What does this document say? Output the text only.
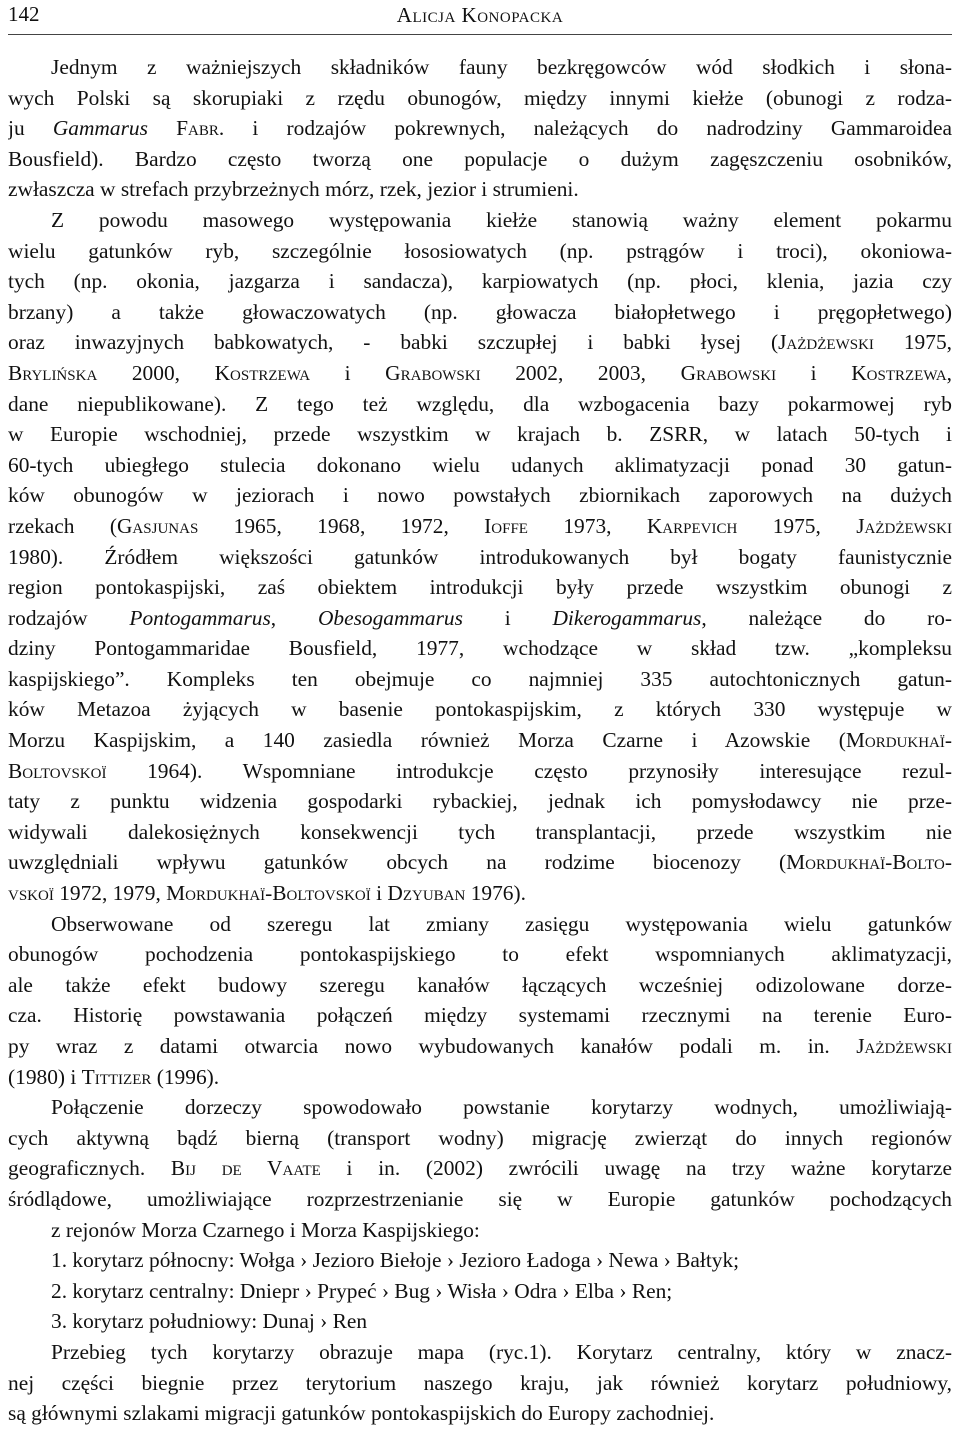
142	Alicja Konopacka
Jednym z ważniejszych składników fauny bezkręgowców wód słodkich i słona-
wych Polski są skorupiaki z rzędu obunogów, między innymi kiełże (obunogi z rodza-
ju Gammarus Fabr. i rodzajów pokrewnych, należących do nadrodziny Gammaroidea
Bousfield). Bardzo często tworzą one populacje o dużym zagęszczeniu osobników,
zwłaszcza w strefach przybrzeżnych mórz, rzek, jezior i strumieni.
Z powodu masowego występowania kiełże stanowią ważny element pokarmu
wielu gatunków ryb, szczególnie łososiowatych (np. pstrągów i troci), okoniowa-
tych (np. okonia, jazgarza i sandacza), karpiowatych (np. płoci, klenia, jazia czy
brzany) a także głowaczowatych (np. głowacza białopłetwego i pręgopłetwego)
oraz inwazyjnych babkowatych, - babki szczupłej i babki łysej (Jażdżewski 1975,
Brylińska 2000, Kostrzewa i Grabowski 2002, 2003, Grabowski i Kostrzewa,
dane niepublikowane). Z tego też względu, dla wzbogacenia bazy pokarmowej ryb
w Europie wschodniej, przede wszystkim w krajach b. ZSRR, w latach 50-tych i
60-tych ubiegłego stulecia dokonano wielu udanych aklimatyzacji ponad 30 gatun-
ków obunogów w jeziorach i nowo powstałych zbiornikach zaporowych na dużych
rzekach (Gasjunas 1965, 1968, 1972, Ioffe 1973, Karpevich 1975, Jażdżewski
1980). Źródłem większości gatunków introdukowanych był bogaty faunistycznie
region pontokaspijski, zaś obiektem introdukcji były przede wszystkim obunogi z
rodzajów Pontogammarus, Obesogammarus i Dikerogammarus, należące do ro-
dziny Pontogammaridae Bousfield, 1977, wchodzące w skład tzw. „kompleksu
kaspijskiego”. Kompleks ten obejmuje co najmniej 335 autochtonicznych gatun-
ków Metazoa żyjących w basenie pontokaspijskim, z których 330 występuje w
Morzu Kaspijskim, a 140 zasiedla również Morza Czarne i Azowskie (Mordukhaï-
Boltovskoï 1964). Wspomniane introdukcje często przynosiły interesujące rezul-
taty z punktu widzenia gospodarki rybackiej, jednak ich pomysłodawcy nie prze-
widywali dalekosiężnych konsekwencji tych transplantacji, przede wszystkim nie
uwzględniali wpływu gatunków obcych na rodzime biocenozy (Mordukhaï-Bolto-
vskoï 1972, 1979, Mordukhaï-Boltovskoï i Dzyuban 1976).
Obserwowane od szeregu lat zmiany zasięgu występowania wielu gatunków
obunogów pochodzenia pontokaspijskiego to efekt wspomnianych aklimatyzacji,
ale także efekt budowy szeregu kanałów łączących wcześniej odizolowane dorze-
cza. Historię powstawania połączeń między systemami rzecznymi na terenie Euro-
py wraz z datami otwarcia nowo wybudowanych kanałów podali m. in. Jażdżewski
(1980) i Tittizer (1996).
Połączenie dorzeczy spowodowało powstanie korytarzy wodnych, umożliwiają-
cych aktywną bądź bierną (transport wodny) migrację zwierząt do innych regionów
geograficznych. Bij de Vaate i in. (2002) zwrócili uwagę na trzy ważne korytarze
śródlądowe, umożliwiające rozprzestrzenianie się w Europie gatunków pochodzących
z rejonów Morza Czarnego i Morza Kaspijskiego:
1. korytarz północny: Wołga › Jezioro Biełoje › Jezioro Ładoga › Newa › Bałtyk;
2. korytarz centralny: Dniepr › Prypeć › Bug › Wisła › Odra › Elba › Ren;
3. korytarz południowy: Dunaj › Ren
Przebieg tych korytarzy obrazuje mapa (ryc.1). Korytarz centralny, który w znacz-
nej części biegnie przez terytorium naszego kraju, jak również korytarz południowy,
są głównymi szlakami migracji gatunków pontokaspijskich do Europy zachodniej.
